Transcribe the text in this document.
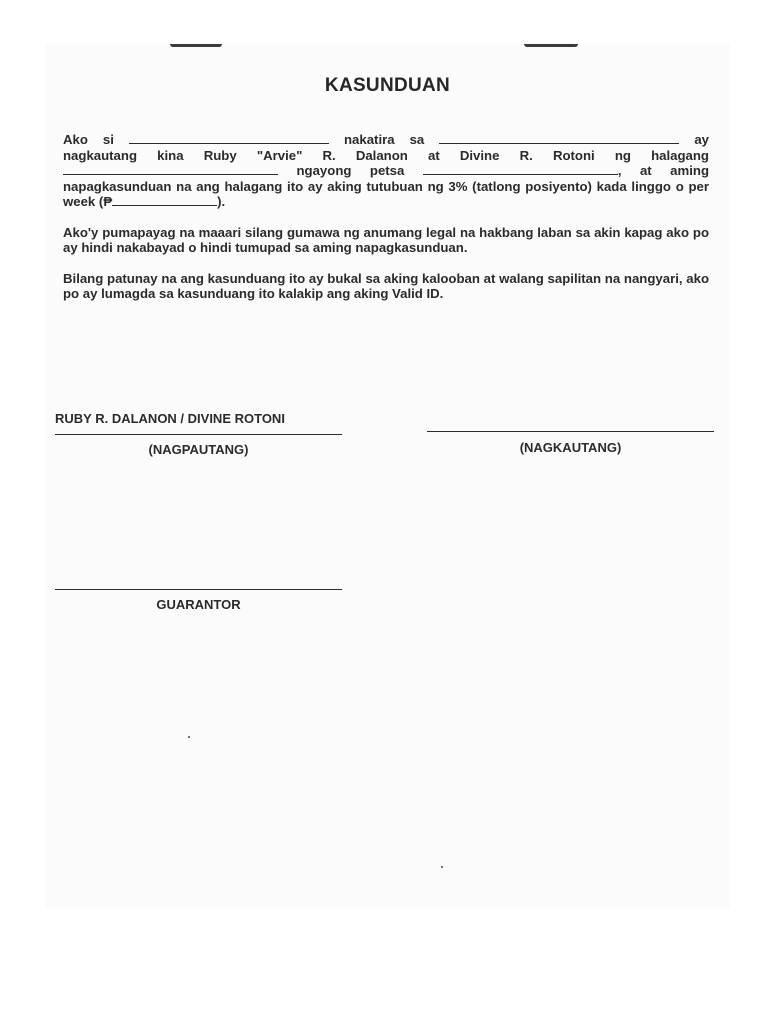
KASUNDUAN

Ako si	nakatira sa	ay nagkautang kina Ruby "Arvie" R. Dalanon at Divine R. Rotoni ng halagang  ngayong petsa	, at aming napagkasunduan na ang halagang ito ay aking tutubuan ng 3% (tatlong posiyento) kada linggo o per week (₱	).

Ako'y pumapayag na maaari silang gumawa ng anumang legal na hakbang laban sa akin kapag ako po ay hindi nakabayad o hindi tumupad sa aming napagkasunduan.

Bilang patunay na ang kasunduang ito ay bukal sa aking kalooban at walang sapilitan na nangyari, ako po ay lumagda sa kasunduang ito kalakip ang aking Valid ID.

RUBY R. DALANON / DIVINE ROTONI
(NAGPAUTANG)	(NAGKAUTANG)
GUARANTOR
